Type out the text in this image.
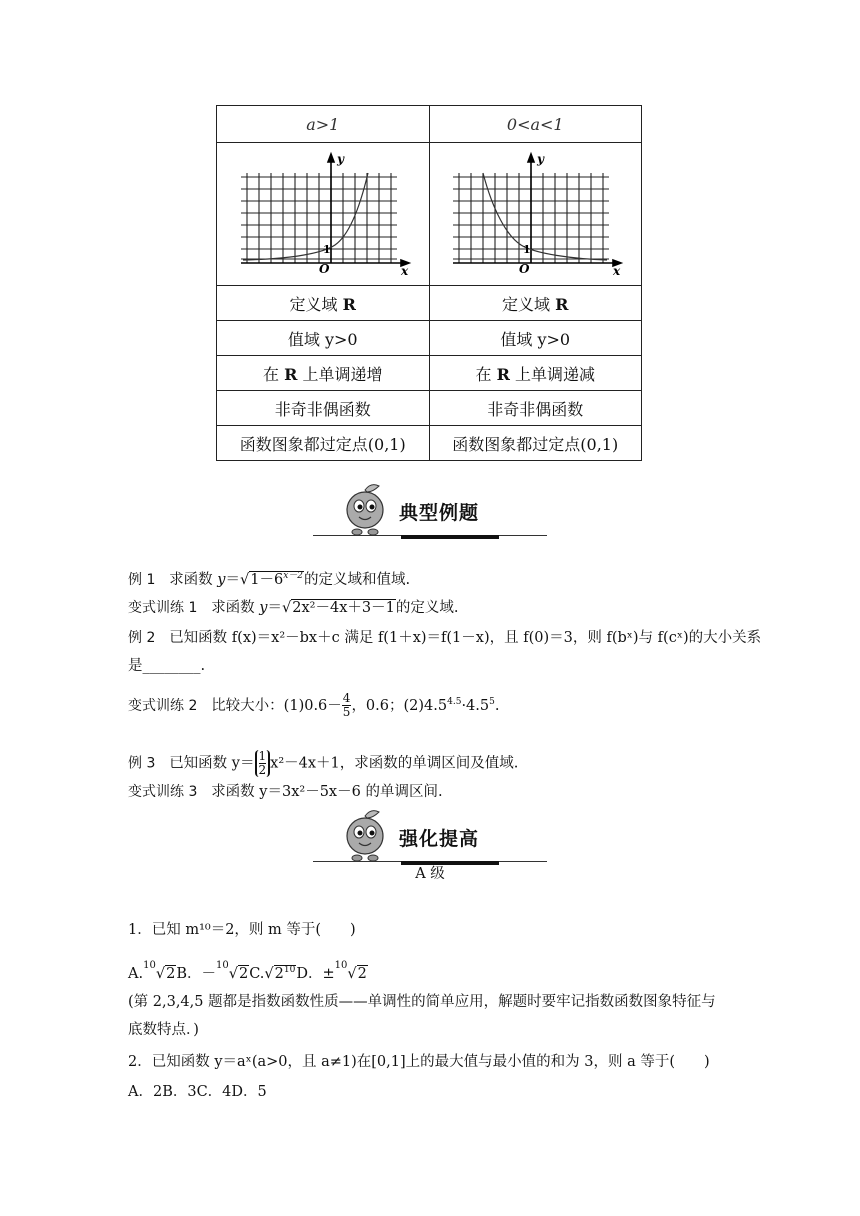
a>1	0<a<1

y
x
O
1	y
x
O
1

定义域 R	定义域 R
值域 y>0	值域 y>0
在 R 上单调递增	在 R 上单调递减
非奇非偶函数	非奇非偶函数
函数图象都过定点(0,1)	函数图象都过定点(0,1)
典型例题
例 1 求函数 $y=√1-6^{x-2}$的定义域和值域.
变式训练 1 求函数 y＝√2x²－4x＋3－1的定义域.
例 2 已知函数 f(x)＝x²－bx＋c 满足 f(1＋x)＝f(1－x)，且 f(0)＝3，则 f(bˣ)与 f(cˣ)的大小关系
是________.
变式训练 2 比较大小：$(1)0.6- \frac{4}{5}$ ，0.6；$(2)4.5^{4.5}\cdot 4.5^5$.
例 3 已知函数 $y= \frac{1}{2}x^2-4x+1$，求函数的单调区间及值域.
变式训练 3 求函数 y＝3x²－5x－6 的单调区间.
强化提高
A 级
1．已知 m¹⁰＝2，则 m 等于(　　)
A.$^{10}$√2B．$-^{10}√2C.√2^{10}D$．±$^{10}$√2
(第 2,3,4,5 题都是指数函数性质——单调性的简单应用，解题时要牢记指数函数图象特征与
底数特点．)
2．已知函数 y＝aˣ(a>0，且 a≠1)在[0,1]上的最大值与最小值的和为 3，则 a 等于(　　)
A．2B．3C．4D．5
